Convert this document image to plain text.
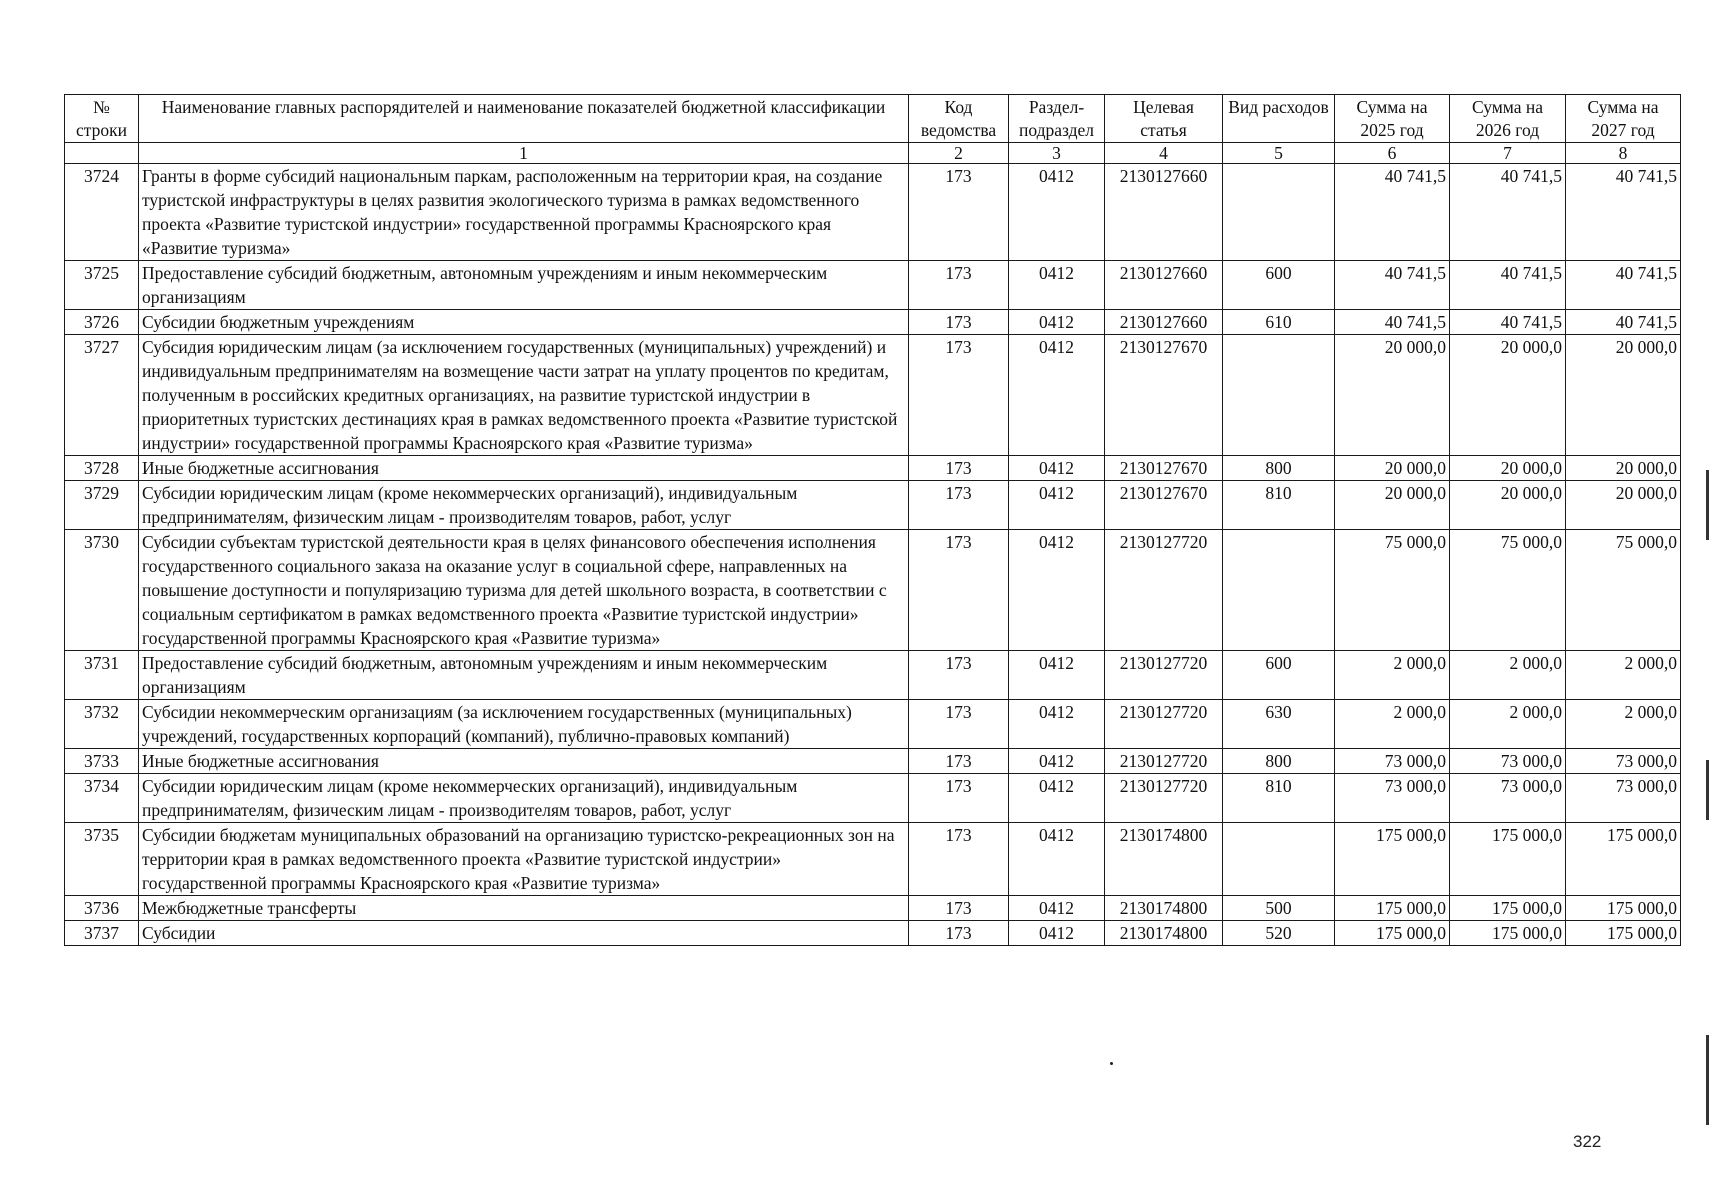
№ строки	Наименование главных распорядителей и наименование показателей бюджетной классификации	Код ведомства	Раздел-подраздел	Целевая статья	Вид расходов	Сумма на 2025 год	Сумма на 2026 год	Сумма на 2027 год
	1	2	3	4	5	6	7	8
3724	Гранты в форме субсидий национальным паркам, расположенным на территории края, на создание туристской инфраструктуры в целях развития экологического туризма в рамках ведомственного проекта «Развитие туристской индустрии» государственной программы Красноярского края «Развитие туризма»	173	0412	2130127660		40 741,5	40 741,5	40 741,5
3725	Предоставление субсидий бюджетным, автономным учреждениям и иным некоммерческим организациям	173	0412	2130127660	600	40 741,5	40 741,5	40 741,5
3726	Субсидии бюджетным учреждениям	173	0412	2130127660	610	40 741,5	40 741,5	40 741,5
3727	Субсидия юридическим лицам (за исключением государственных (муниципальных) учреждений) и индивидуальным предпринимателям на возмещение части затрат на уплату процентов по кредитам, полученным в российских кредитных организациях, на развитие туристской индустрии в приоритетных туристских дестинациях края в рамках ведомственного проекта «Развитие туристской индустрии» государственной программы Красноярского края «Развитие туризма»	173	0412	2130127670		20 000,0	20 000,0	20 000,0
3728	Иные бюджетные ассигнования	173	0412	2130127670	800	20 000,0	20 000,0	20 000,0
3729	Субсидии юридическим лицам (кроме некоммерческих организаций), индивидуальным предпринимателям, физическим лицам - производителям товаров, работ, услуг	173	0412	2130127670	810	20 000,0	20 000,0	20 000,0
3730	Субсидии субъектам туристской деятельности края в целях финансового обеспечения исполнения государственного социального заказа на оказание услуг в социальной сфере, направленных на повышение доступности и популяризацию туризма для детей школьного возраста, в соответствии с социальным сертификатом в рамках ведомственного проекта «Развитие туристской индустрии» государственной программы Красноярского края «Развитие туризма»	173	0412	2130127720		75 000,0	75 000,0	75 000,0
3731	Предоставление субсидий бюджетным, автономным учреждениям и иным некоммерческим организациям	173	0412	2130127720	600	2 000,0	2 000,0	2 000,0
3732	Субсидии некоммерческим организациям (за исключением государственных (муниципальных) учреждений, государственных корпораций (компаний), публично-правовых компаний)	173	0412	2130127720	630	2 000,0	2 000,0	2 000,0
3733	Иные бюджетные ассигнования	173	0412	2130127720	800	73 000,0	73 000,0	73 000,0
3734	Субсидии юридическим лицам (кроме некоммерческих организаций), индивидуальным предпринимателям, физическим лицам - производителям товаров, работ, услуг	173	0412	2130127720	810	73 000,0	73 000,0	73 000,0
3735	Субсидии бюджетам муниципальных образований на организацию туристско-рекреационных зон на территории края в рамках ведомственного проекта «Развитие туристской индустрии» государственной программы Красноярского края «Развитие туризма»	173	0412	2130174800		175 000,0	175 000,0	175 000,0
3736	Межбюджетные трансферты	173	0412	2130174800	500	175 000,0	175 000,0	175 000,0
3737	Субсидии	173	0412	2130174800	520	175 000,0	175 000,0	175 000,0
322
